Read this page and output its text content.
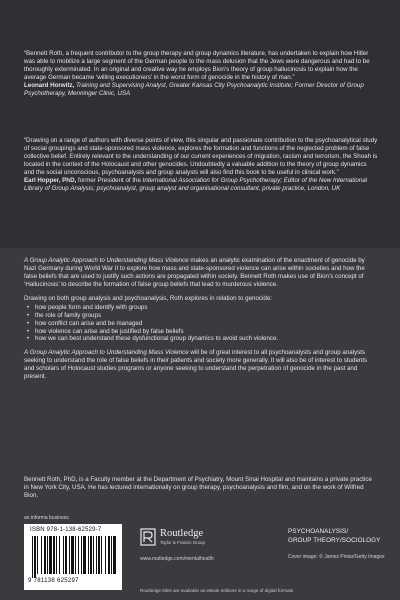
“Bennett Roth, a frequent contributor to the group therapy and group dynamics literature, has undertaken to explain how Hitler was able to mobilize a large segment of the German people to the mass delusion that the Jews were dangerous and had to be thoroughly exterminated. In an original and creative way he employs Bion’s theory of group hallucinosis to explain how the average German became ‘willing executioners’ in the worst form of genocide in the history of man.”

Leonard Horwitz, Training and Supervising Analyst, Greater Kansas City Psychoanalytic Institute; Former Director of Group Psychotherapy, Menninger Clinic, USA

“Drawing on a range of authors with diverse points of view, this singular and passionate contribution to the psychoanalytical study of social groupings and state-sponsored mass violence, explores the formation and functions of the neglected problem of false collective belief. Entirely relevant to the understanding of our current experiences of migration, racism and terrorism, the Shoah is located in the context of the Holocaust and other genocides. Undoubtedly a valuable addition to the theory of group dynamics and the social unconscious, psychoanalysts and group analysts will also find this book to be useful in clinical work.”

Earl Hopper, PhD, former President of the International Association for Group Psychotherapy; Editor of the New International Library of Group Analysis; psychoanalyst, group analyst and organisational consultant, private practice, London, UK

A Group Analytic Approach to Understanding Mass Violence makes an analytic examination of the enactment of genocide by Nazi Germany during World War II to explore how mass and state-sponsored violence can arise within societies and how the false beliefs that are used to justify such actions are propagated within society. Bennett Roth makes use of Bion’s concept of ‘Hallucinosis’ to describe the formation of false group beliefs that lead to murderous violence.

Drawing on both group analysis and psychoanalysis, Roth explores in relation to genocide:

• how people form and identify with groups
• the role of family groups
• how conflict can arise and be managed
• how violence can arise and be justified by false beliefs
• how we can best understand these dysfunctional group dynamics to avoid such violence.

A Group Analytic Approach to Understanding Mass Violence will be of great interest to all psychoanalysts and group analysts seeking to understand the role of false beliefs in their patients and society more generally. It will also be of interest to students and scholars of Holocaust studies programs or anyone seeking to understand the perpetration of genocide in the past and present.

Bennett Roth, PhD, is a Faculty member at the Department of Psychiatry, Mount Sinai Hospital and maintains a private practice in New York City, USA. He has lectured internationally on group therapy, psychoanalysis and film, and on the work of Wilfred Bion.

an informa business
ISBN 978-1-138-62529-7
9 781138 625297
Routledge
Taylor & Francis Group
www.routledge.com/mentalhealth
PSYCHOANALYSIS/
GROUP THEORY/SOCIOLOGY
Cover image: © James Pintar/Getty Images
Routledge titles are available as eBook editions in a range of digital formats
